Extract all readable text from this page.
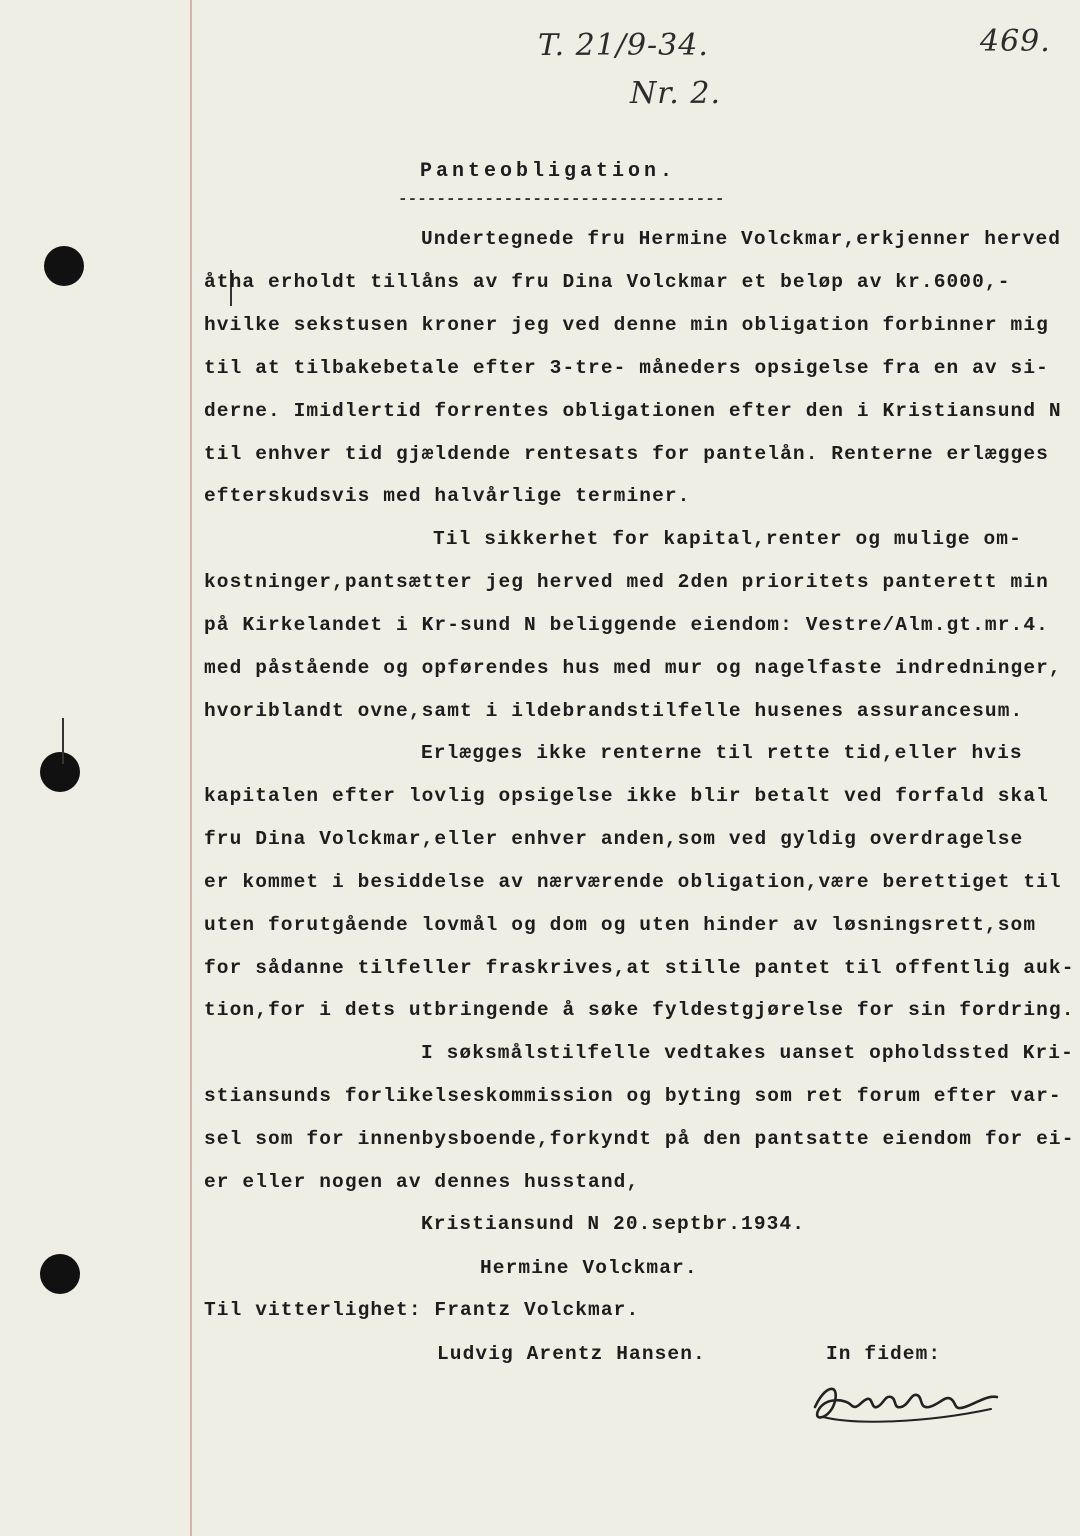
T. 21/9-34.	469.
Nr. 2.
Panteobligation.
----------------------------------
Undertegnede fru Hermine Volckmar,erkjenner herved
åtha erholdt tillåns av fru Dina Volckmar et beløp av kr.6000,-
hvilke sekstusen kroner jeg ved denne min obligation forbinner mig
til at tilbakebetale efter 3-tre- måneders opsigelse fra en av si-
derne. Imidlertid forrentes obligationen efter den i Kristiansund N
til enhver tid gjældende rentesats for pantelån. Renterne erlægges
efterskudsvis med halvårlige terminer.
Til sikkerhet for kapital,renter og mulige om-
kostninger,pantsætter jeg herved med 2den prioritets panterett min
på Kirkelandet i Kr-sund N beliggende eiendom: Vestre/Alm.gt.mr.4.
med påstående og opførendes hus med mur og nagelfaste indredninger,
hvoriblandt ovne,samt i ildebrandstilfelle husenes assurancesum.
Erlægges ikke renterne til rette tid,eller hvis
kapitalen efter lovlig opsigelse ikke blir betalt ved forfald skal
fru Dina Volckmar,eller enhver anden,som ved gyldig overdragelse
er kommet i besiddelse av nærværende obligation,være berettiget til
uten forutgående lovmål og dom og uten hinder av løsningsrett,som
for sådanne tilfeller fraskrives,at stille pantet til offentlig auk-
tion,for i dets utbringende å søke fyldestgjørelse for sin fordring.
I søksmålstilfelle vedtakes uanset opholdssted Kri-
stiansunds forlikelseskommission og byting som ret forum efter var-
sel som for innenbysboende,forkyndt på den pantsatte eiendom for ei-
er eller nogen av dennes husstand,
Kristiansund N 20.septbr.1934.
Hermine Volckmar.
Til vitterlighet: Frantz Volckmar.
Ludvig Arentz Hansen.	In fidem:
